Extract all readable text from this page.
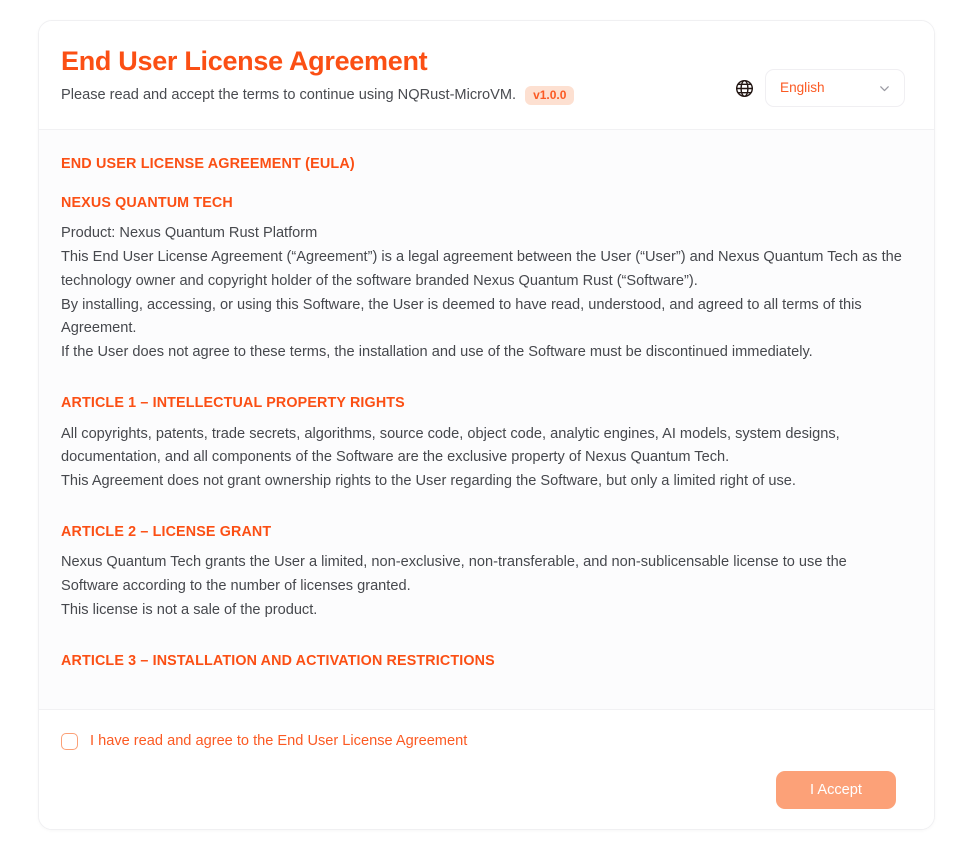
End User License Agreement
Please read and accept the terms to continue using NQRust-MicroVM.	v1.0.0	English
END USER LICENSE AGREEMENT (EULA)
NEXUS QUANTUM TECH

Product: Nexus Quantum Rust Platform

This End User License Agreement (“Agreement”) is a legal agreement between the User (“User”) and Nexus Quantum Tech as the technology owner and copyright holder of the software branded Nexus Quantum Rust (“Software”).

By installing, accessing, or using this Software, the User is deemed to have read, understood, and agreed to all terms of this Agreement.

If the User does not agree to these terms, the installation and use of the Software must be discontinued immediately.

ARTICLE 1 – INTELLECTUAL PROPERTY RIGHTS

All copyrights, patents, trade secrets, algorithms, source code, object code, analytic engines, AI models, system designs, documentation, and all components of the Software are the exclusive property of Nexus Quantum Tech.

This Agreement does not grant ownership rights to the User regarding the Software, but only a limited right of use.

ARTICLE 2 – LICENSE GRANT

Nexus Quantum Tech grants the User a limited, non-exclusive, non-transferable, and non-sublicensable license to use the Software according to the number of licenses granted.

This license is not a sale of the product.

ARTICLE 3 – INSTALLATION AND ACTIVATION RESTRICTIONS
I have read and agree to the End User License Agreement
I Accept
